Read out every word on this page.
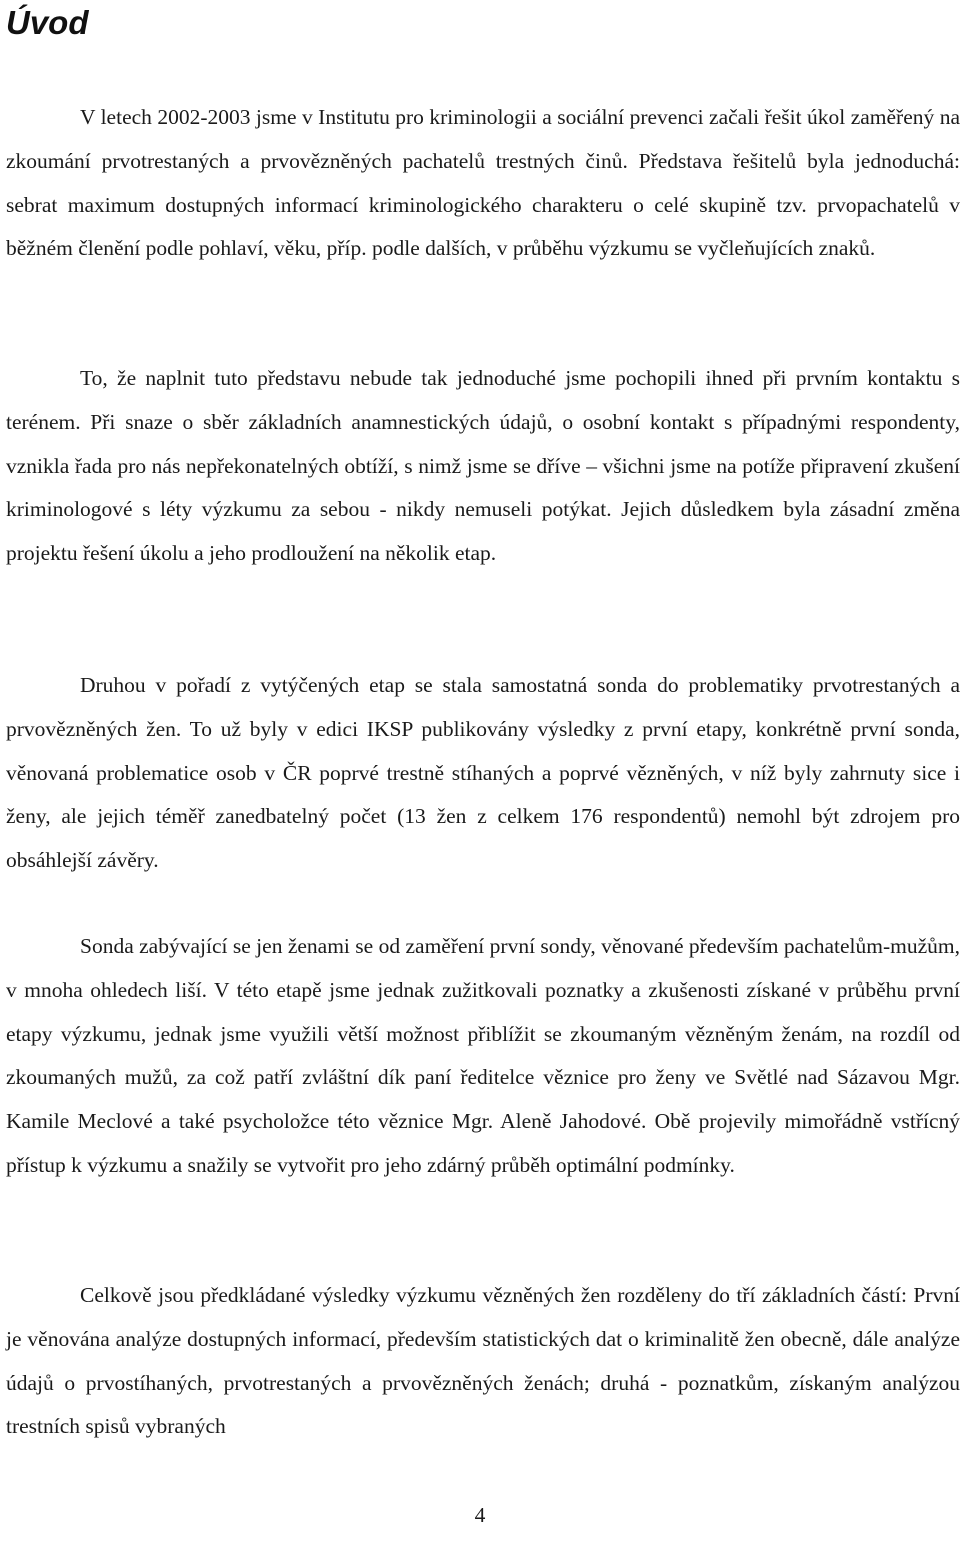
Úvod

V letech 2002-2003 jsme v Institutu pro kriminologii a sociální prevenci začali řešit úkol zaměřený na zkoumání prvotrestaných a prvovězněných pachatelů trestných činů. Představa řešitelů byla jednoduchá: sebrat maximum dostupných informací kriminologického charakteru o celé skupině tzv. prvopachatelů v běžném členění podle pohlaví, věku, příp. podle dalších, v průběhu výzkumu se vyčleňujících znaků.

To, že naplnit tuto představu nebude tak jednoduché jsme pochopili ihned při prvním kontaktu s terénem. Při snaze o sběr základních anamnestických údajů, o osobní kontakt s případnými respondenty, vznikla řada pro nás nepřekonatelných obtíží, s nimž jsme se dříve – všichni jsme na potíže připravení zkušení kriminologové s léty výzkumu za sebou - nikdy nemuseli potýkat. Jejich důsledkem byla zásadní změna projektu řešení úkolu a jeho prodloužení na několik etap.

Druhou v pořadí z vytýčených etap se stala samostatná sonda do problematiky prvotrestaných a prvovězněných žen. To už byly v edici IKSP publikovány výsledky z první etapy, konkrétně první sonda, věnovaná problematice osob v ČR poprvé trestně stíhaných a poprvé vězněných, v níž byly zahrnuty sice i ženy, ale jejich téměř zanedbatelný počet (13 žen z celkem 176 respondentů) nemohl být zdrojem pro obsáhlejší závěry.

Sonda zabývající se jen ženami se od zaměření první sondy, věnované především pachatelům-mužům, v mnoha ohledech liší. V této etapě jsme jednak zužitkovali poznatky a zkušenosti získané v průběhu první etapy výzkumu, jednak jsme využili větší možnost přiblížit se zkoumaným vězněným ženám, na rozdíl od zkoumaných mužů, za což patří zvláštní dík paní ředitelce věznice pro ženy ve Světlé nad Sázavou Mgr. Kamile Meclové a také psycholožce této věznice Mgr. Aleně Jahodové. Obě projevily mimořádně vstřícný přístup k výzkumu a snažily se vytvořit pro jeho zdárný průběh optimální podmínky.

Celkově jsou předkládané výsledky výzkumu vězněných žen rozděleny do tří základních částí: První je věnována analýze dostupných informací, především statistických dat o kriminalitě žen obecně, dále analýze údajů o prvostíhaných, prvotrestaných a prvovězněných ženách; druhá - poznatkům, získaným analýzou trestních spisů vybraných

4
